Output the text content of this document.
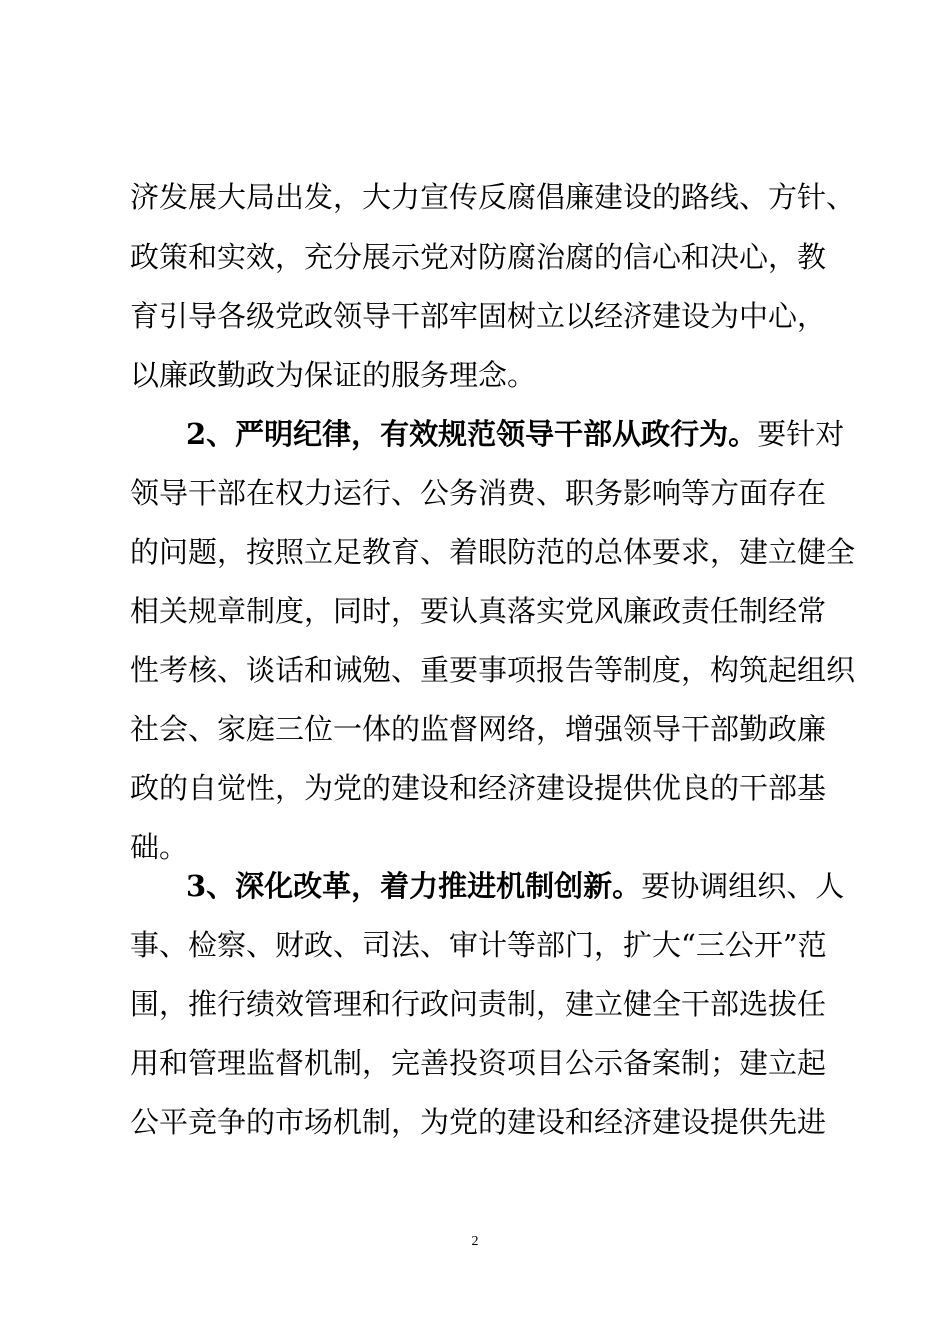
济发展大局出发，大力宣传反腐倡廉建设的路线、方针、
政策和实效，充分展示党对防腐治腐的信心和决心，教
育引导各级党政领导干部牢固树立以经济建设为中心，
以廉政勤政为保证的服务理念。
2、严明纪律，有效规范领导干部从政行为。要针对
领导干部在权力运行、公务消费、职务影响等方面存在
的问题，按照立足教育、着眼防范的总体要求，建立健全
相关规章制度，同时，要认真落实党风廉政责任制经常
性考核、谈话和诫勉、重要事项报告等制度，构筑起组织
社会、家庭三位一体的监督网络，增强领导干部勤政廉
政的自觉性，为党的建设和经济建设提供优良的干部基
础。
3、深化改革，着力推进机制创新。要协调组织、人
事、检察、财政、司法、审计等部门，扩大“三公开”范
围，推行绩效管理和行政问责制，建立健全干部选拔任
用和管理监督机制，完善投资项目公示备案制；建立起
公平竞争的市场机制，为党的建设和经济建设提供先进
2
